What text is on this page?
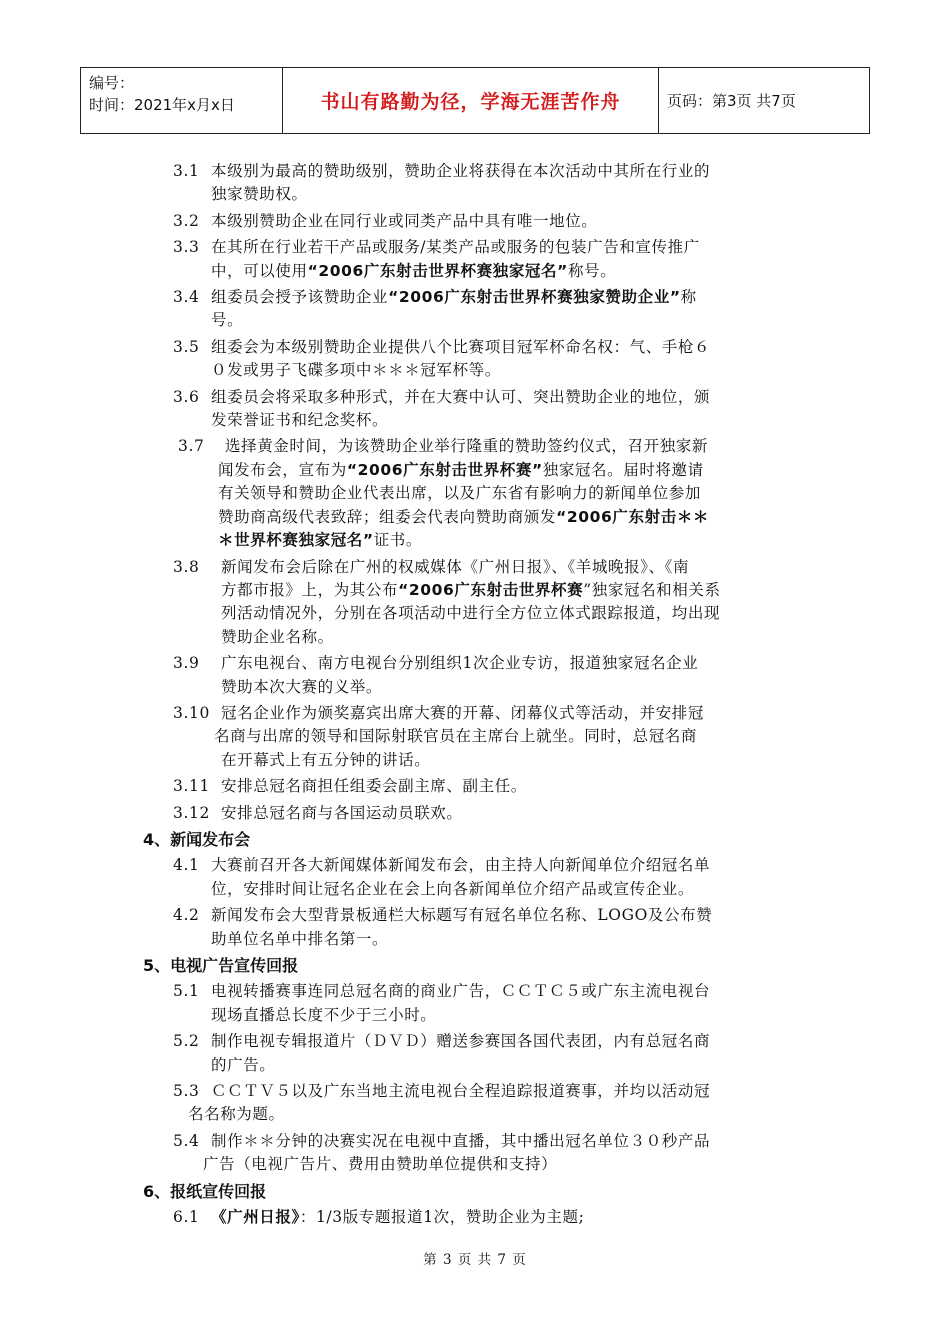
编号：
时间：2021年x月x日	书山有路勤为径，学海无涯苦作舟	页码：第3页 共7页
3.1 本级别为最高的赞助级别，赞助企业将获得在本次活动中其所在行业的
独家赞助权。
3.2 本级别赞助企业在同行业或同类产品中具有唯一地位。
3.3 在其所在行业若干产品或服务/某类产品或服务的包装广告和宣传推广
中，可以使用“2006广东射击世界杯赛独家冠名”称号。
3.4 组委员会授予该赞助企业“2006广东射击世界杯赛独家赞助企业”称
号。
3.5 组委会为本级别赞助企业提供八个比赛项目冠军杯命名权：气、手枪６
０发或男子飞碟多项中＊＊＊冠军杯等。
3.6 组委员会将采取多种形式，并在大赛中认可、突出赞助企业的地位，颁
发荣誉证书和纪念奖杯。
3.7	选择黄金时间，为该赞助企业举行隆重的赞助签约仪式，召开独家新
闻发布会，宣布为“2006广东射击世界杯赛”独家冠名。届时将邀请
有关领导和赞助企业代表出席，以及广东省有影响力的新闻单位参加
赞助商高级代表致辞；组委会代表向赞助商颁发“2006广东射击＊＊
＊世界杯赛独家冠名”证书。
3.8	新闻发布会后除在广州的权威媒体《广州日报》、《羊城晚报》、《南
方都市报》上，为其公布“2006广东射击世界杯赛”独家冠名和相关系
列活动情况外，分别在各项活动中进行全方位立体式跟踪报道，均出现
赞助企业名称。
3.9	广东电视台、南方电视台分别组织1次企业专访，报道独家冠名企业
赞助本次大赛的义举。
3.10 冠名企业作为颁奖嘉宾出席大赛的开幕、闭幕仪式等活动，并安排冠
名商与出席的领导和国际射联官员在主席台上就坐。同时，总冠名商
在开幕式上有五分钟的讲话。
3.11 安排总冠名商担任组委会副主席、副主任。
3.12 安排总冠名商与各国运动员联欢。
4、新闻发布会
4.1 大赛前召开各大新闻媒体新闻发布会，由主持人向新闻单位介绍冠名单
位，安排时间让冠名企业在会上向各新闻单位介绍产品或宣传企业。
4.2 新闻发布会大型背景板通栏大标题写有冠名单位名称、LOGO及公布赞
助单位名单中排名第一。
5、电视广告宣传回报
5.1 电视转播赛事连同总冠名商的商业广告，ＣＣＴＣ５或广东主流电视台
现场直播总长度不少于三小时。
5.2 制作电视专辑报道片（ＤＶＤ）赠送参赛国各国代表团，内有总冠名商
的广告。
5.3 ＣＣＴＶ５以及广东当地主流电视台全程追踪报道赛事，并均以活动冠
名名称为题。
5.4 制作＊＊分钟的决赛实况在电视中直播，其中播出冠名单位３０秒产品
广告（电视广告片、费用由赞助单位提供和支持）
6、报纸宣传回报
6.1 《广州日报》：1/3版专题报道1次，赞助企业为主题;
第 3 页 共 7 页
